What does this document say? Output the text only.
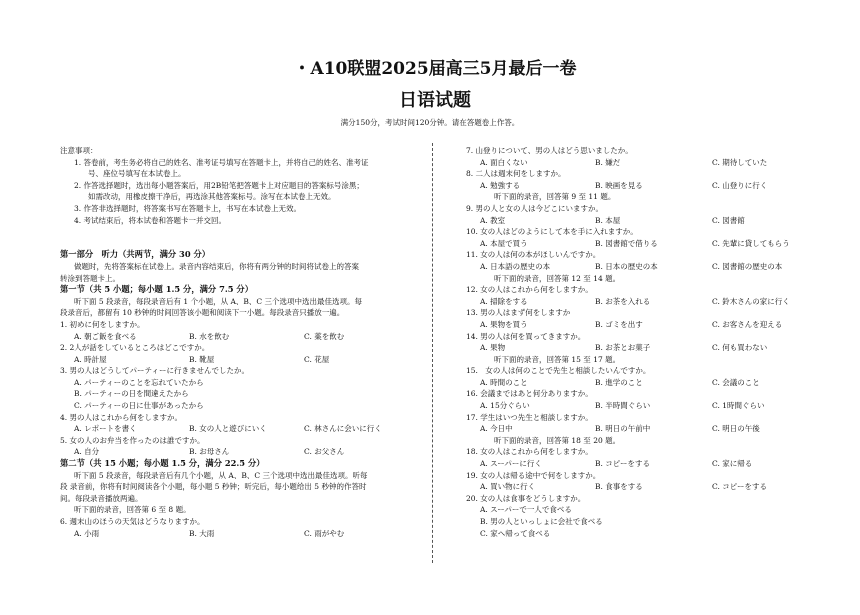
・A10联盟2025届高三5月最后一卷
日语试题
满分150分，考试时间120分钟。请在答题卷上作答。
注意事项：
1. 答卷前，考生务必将自己的姓名、准考证号填写在答题卡上，并将自己的姓名、准考证
号、座位号填写在本试卷上。
2. 作答选择题时，选出每小题答案后，用2B铅笔把答题卡上对应题目的答案标号涂黑；
如需改动，用橡皮擦干净后，再选涂其他答案标号。涂写在本试卷上无效。
3. 作答非选择题时，将答案书写在答题卡上，书写在本试卷上无效。
4. 考试结束后，将本试卷和答题卡一并交回。
第一部分　听力（共两节，满分 30 分）
做题时，先将答案标在试卷上。录音内容结束后，你将有两分钟的时间将试卷上的答案
转涂到答题卡上。
第一节（共 5 小题；每小题 1.5 分，满分 7.5 分）
听下面 5 段录音，每段录音后有 1 个小题，从 A、B、C 三个选项中选出最佳选项。每
段录音后，都留有 10 秒钟的时间回答该小题和阅读下一小题。每段录音只播放一遍。
1. 初めに何をしますか。
A. 朝ご飯を食べる	B. 水を飲む	C. 薬を飲む
2. 2人が話をしているところはどこですか。
A. 時計屋	B. 靴屋	C. 花屋
3. 男の人はどうしてパーティーに行きませんでしたか。
A. パーティーのことを忘れていたから
B. パーティーの日を間違えたから
C. パーティーの日に仕事があったから
4. 男の人はこれから何をしますか。
A. レポートを書く	B. 女の人と遊びにいく	C. 林さんに会いに行く
5. 女の人のお弁当を作ったのは誰ですか。
A. 自分	B. お母さん	C. お父さん
第二节（共 15 小题；每小题 1.5 分，满分 22.5 分）
听下面 5 段录音，每段录音后有几个小题，从 A、B、C 三个选项中选出最佳选项。听每
段 录音前，你将有时间阅读各个小题，每小题 5 秒钟；听完后，每小题给出 5 秒钟的作答时
间。每段录音播放两遍。
听下面的录音，回答第 6 至 8 题。
6. 週末山のほうの天気はどうなりますか。
A. 小雨	B. 大雨	C. 雨がやむ
7. 山登りについて、男の人はどう思いましたか。
A. 面白くない	B. 嫌だ	C. 期待していた
8. 二人は週末何をしますか。
A. 勉強する	B. 映画を見る	C. 山登りに行く
听下面的录音，回答第 9 至 11 题。
9. 男の人と女の人は今どこにいますか。
A. 教室	B. 本屋	C. 図書館
10. 女の人はどのようにして本を手に入れますか。
A. 本屋で買う	B. 図書館で借りる	C. 先輩に貸してもらう
11. 女の人は何の本がほしいんですか。
A. 日本語の歴史の本	B. 日本の歴史の本	C. 図書館の歴史の本
听下面的录音，回答第 12 至 14 题。
12. 女の人はこれから何をしますか。
A. 掃除をする	B. お茶を入れる	C. 鈴木さんの家に行く
13. 男の人はまず何をしますか
A. 果物を買う	B. ゴミを出す	C. お客さんを迎える
14. 男の人は何を買ってきますか。
A. 果物	B. お茶とお菓子	C. 何も買わない
听下面的录音，回答第 15 至 17 题。
15.　女の人は何のことで先生と相談したいんですか。
A. 時間のこと	B. 進学のこと	C. 会議のこと
16. 会議まではあと何分ありますか。
A. 15分ぐらい	B. 半時間ぐらい	C. 1時間ぐらい
17. 学生はいつ先生と相談しますか。
A. 今日中	B. 明日の午前中	C. 明日の午後
听下面的录音，回答第 18 至 20 题。
18. 女の人はこれから何をしますか。
A. スーパーに行く	B. コピーをする	C. 家に帰る
19. 女の人は帰る途中で何をしますか。
A. 買い物に行く	B. 食事をする	C. コピーをする
20. 女の人は食事をどうしますか。
A. スーパーで一人で食べる
B. 男の人といっしょに会社で食べる
C. 家へ帰って食べる
